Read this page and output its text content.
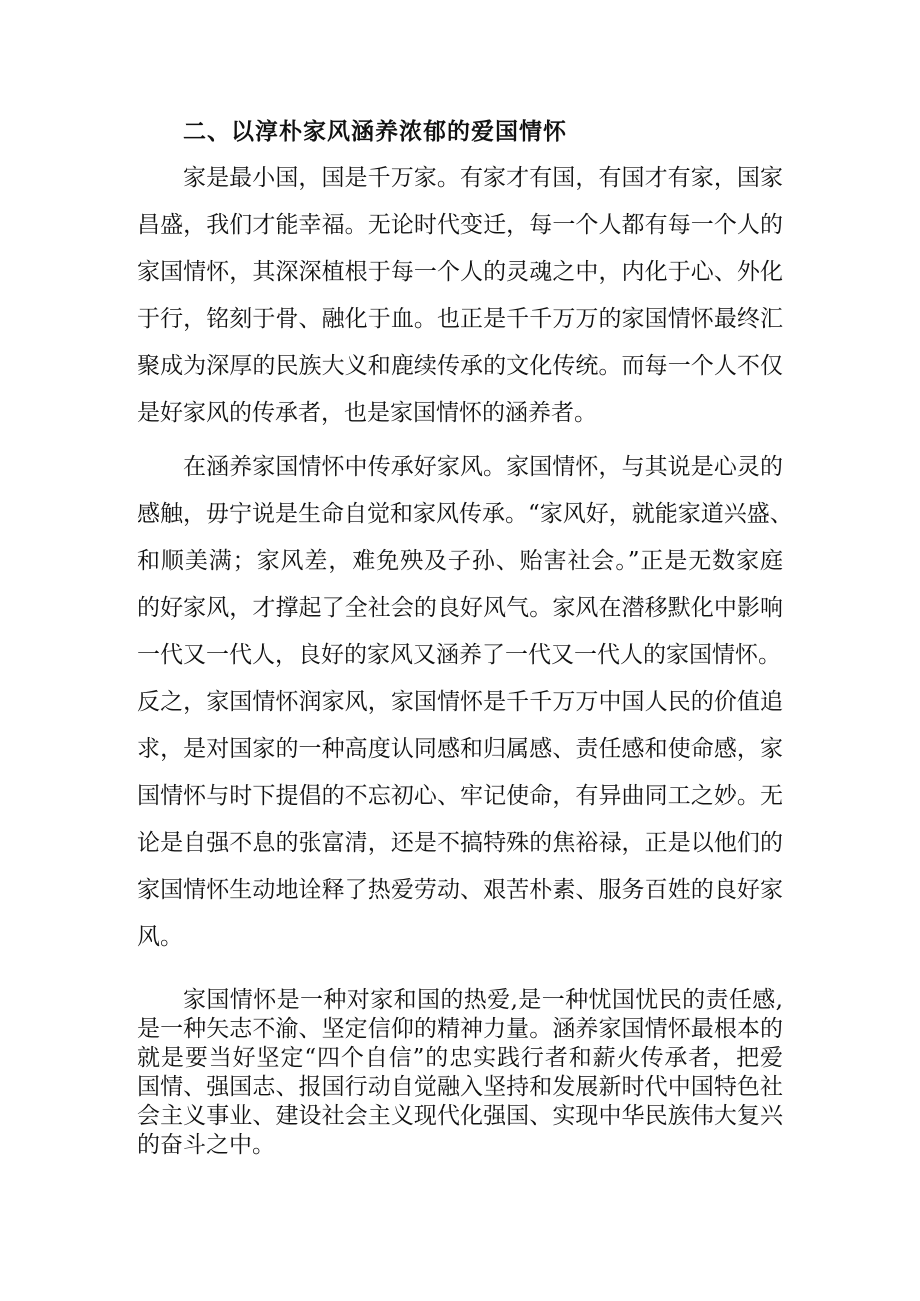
二、以淳朴家风涵养浓郁的爱国情怀
家是最小国，国是千万家。有家才有国，有国才有家，国家
昌盛，我们才能幸福。无论时代变迁，每一个人都有每一个人的
家国情怀，其深深植根于每一个人的灵魂之中，内化于心、外化
于行，铭刻于骨、融化于血。也正是千千万万的家国情怀最终汇
聚成为深厚的民族大义和鹿续传承的文化传统。而每一个人不仅
是好家风的传承者，也是家国情怀的涵养者。
在涵养家国情怀中传承好家风。家国情怀，与其说是心灵的
感触，毋宁说是生命自觉和家风传承。“家风好，就能家道兴盛、
和顺美满；家风差，难免殃及子孙、贻害社会。”正是无数家庭
的好家风，才撑起了全社会的良好风气。家风在潜移默化中影响
一代又一代人，良好的家风又涵养了一代又一代人的家国情怀。
反之，家国情怀润家风，家国情怀是千千万万中国人民的价值追
求，是对国家的一种高度认同感和归属感、责任感和使命感，家
国情怀与时下提倡的不忘初心、牢记使命，有异曲同工之妙。无
论是自强不息的张富清，还是不搞特殊的焦裕禄，正是以他们的
家国情怀生动地诠释了热爱劳动、艰苦朴素、服务百姓的良好家
风。
家国情怀是一种对家和国的热爱,是一种忧国忧民的责任感,
是一种矢志不渝、坚定信仰的精神力量。涵养家国情怀最根本的
就是要当好坚定“四个自信”的忠实践行者和薪火传承者，把爱
国情、强国志、报国行动自觉融入坚持和发展新时代中国特色社
会主义事业、建设社会主义现代化强国、实现中华民族伟大复兴
的奋斗之中。
